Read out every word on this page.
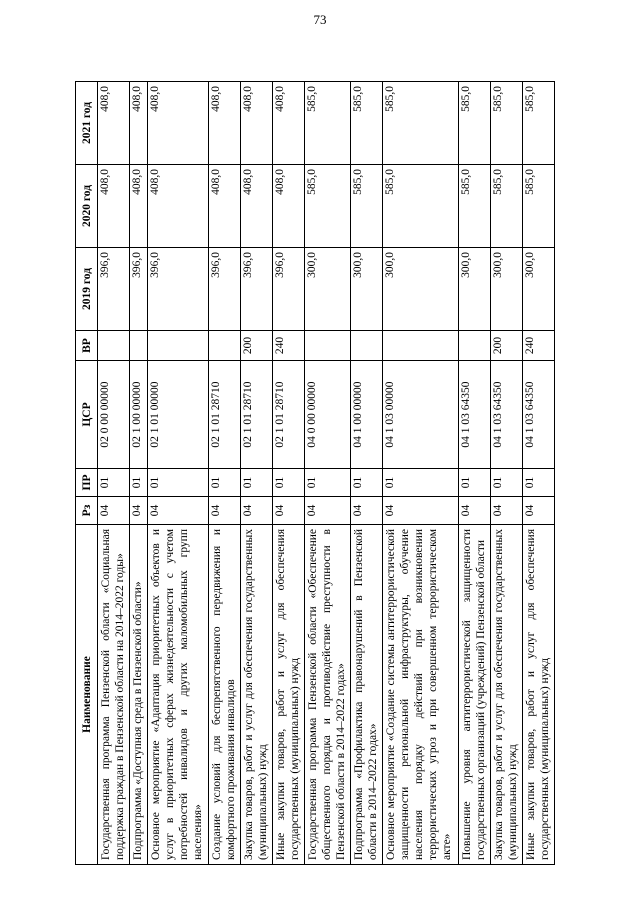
73
Наименование	Рз	ПР	ЦСР	ВР	2019 год	2020 год	2021 год
Государственная программа Пензенской области «Социальная поддержка граждан в Пензенской области на 2014–2022 годы»	04	01	02 0 00 00000		396,0	408,0	408,0
Подпрограмма «Доступная среда в Пензенской области»	04	01	02 1 00 00000		396,0	408,0	408,0
Основное мероприятие «Адаптация приоритетных объектов и услуг в приоритетных сферах жизнедеятельности с учетом потребностей инвалидов и других маломобильных групп населения»	04	01	02 1 01 00000		396,0	408,0	408,0
Создание условий для беспрепятственного передвижения и комфортного проживания инвалидов	04	01	02 1 01 28710		396,0	408,0	408,0
Закупка товаров, работ и услуг для обеспечения государственных (муниципальных) нужд	04	01	02 1 01 28710	200	396,0	408,0	408,0
Иные закупки товаров, работ и услуг для обеспечения государственных (муниципальных) нужд	04	01	02 1 01 28710	240	396,0	408,0	408,0
Государственная программа Пензенской области «Обеспечение общественного порядка и противодействие преступности в Пензенской области в 2014–2022 годах»	04	01	04 0 00 00000		300,0	585,0	585,0
Подпрограмма «Профилактика правонарушений в Пензенской области в 2014–2022 годах»	04	01	04 1 00 00000		300,0	585,0	585,0
Основное мероприятие «Создание системы антитеррористической защищенности региональной инфраструктуры, обучение населения порядку действий при возникновении террористических угроз и при совершенном террористическом акте»	04	01	04 1 03 00000		300,0	585,0	585,0
Повышение уровня антитеррористической защищенности государственных организаций (учреждений) Пензенской области	04	01	04 1 03 64350		300,0	585,0	585,0
Закупка товаров, работ и услуг для обеспечения государственных (муниципальных) нужд	04	01	04 1 03 64350	200	300,0	585,0	585,0
Иные закупки товаров, работ и услуг для обеспечения государственных (муниципальных) нужд	04	01	04 1 03 64350	240	300,0	585,0	585,0
